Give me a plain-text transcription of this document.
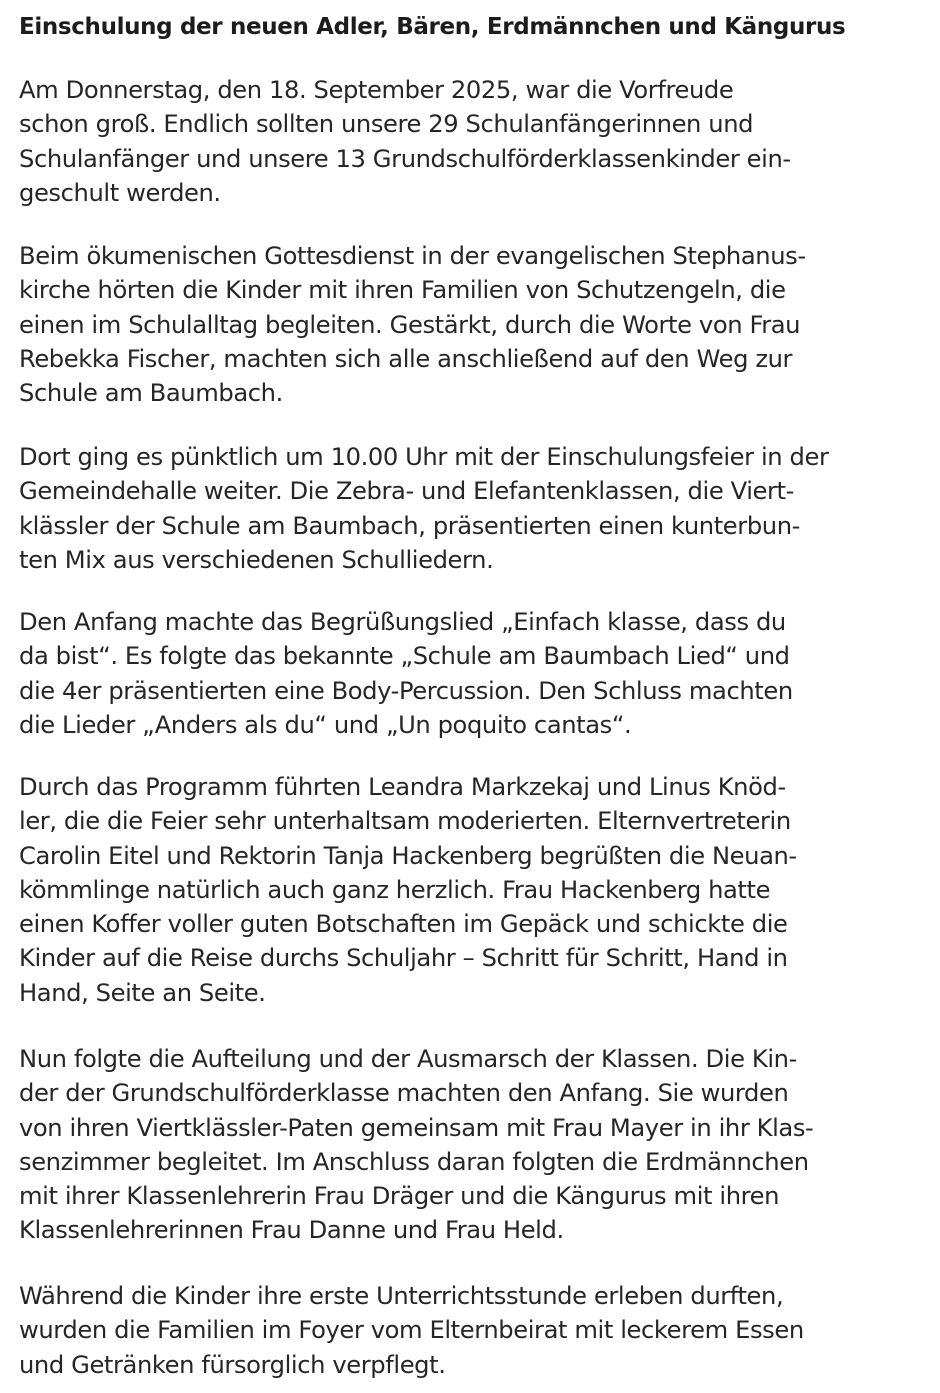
Einschulung der neuen Adler, Bären, Erdmännchen und Kängurus

Am Donnerstag, den 18. September 2025, war die Vorfreude
schon groß. Endlich sollten unsere 29 Schulanfängerinnen und
Schulanfänger und unsere 13 Grundschulförderklassenkinder ein-
geschult werden.

Beim ökumenischen Gottesdienst in der evangelischen Stephanus-
kirche hörten die Kinder mit ihren Familien von Schutzengeln, die
einen im Schulalltag begleiten. Gestärkt, durch die Worte von Frau
Rebekka Fischer, machten sich alle anschließend auf den Weg zur
Schule am Baumbach.

Dort ging es pünktlich um 10.00 Uhr mit der Einschulungsfeier in der
Gemeindehalle weiter. Die Zebra- und Elefantenklassen, die Viert-
klässler der Schule am Baumbach, präsentierten einen kunterbun-
ten Mix aus verschiedenen Schulliedern.

Den Anfang machte das Begrüßungslied „Einfach klasse, dass du
da bist“. Es folgte das bekannte „Schule am Baumbach Lied“ und
die 4er präsentierten eine Body-Percussion. Den Schluss machten
die Lieder „Anders als du“ und „Un poquito cantas“.

Durch das Programm führten Leandra Markzekaj und Linus Knöd-
ler, die die Feier sehr unterhaltsam moderierten. Elternvertreterin
Carolin Eitel und Rektorin Tanja Hackenberg begrüßten die Neuan-
kömmlinge natürlich auch ganz herzlich. Frau Hackenberg hatte
einen Koffer voller guten Botschaften im Gepäck und schickte die
Kinder auf die Reise durchs Schuljahr – Schritt für Schritt, Hand in
Hand, Seite an Seite.

Nun folgte die Aufteilung und der Ausmarsch der Klassen. Die Kin-
der der Grundschulförderklasse machten den Anfang. Sie wurden
von ihren Viertklässler-Paten gemeinsam mit Frau Mayer in ihr Klas-
senzimmer begleitet. Im Anschluss daran folgten die Erdmännchen
mit ihrer Klassenlehrerin Frau Dräger und die Kängurus mit ihren
Klassenlehrerinnen Frau Danne und Frau Held.

Während die Kinder ihre erste Unterrichtsstunde erleben durften,
wurden die Familien im Foyer vom Elternbeirat mit leckerem Essen
und Getränken fürsorglich verpflegt.
